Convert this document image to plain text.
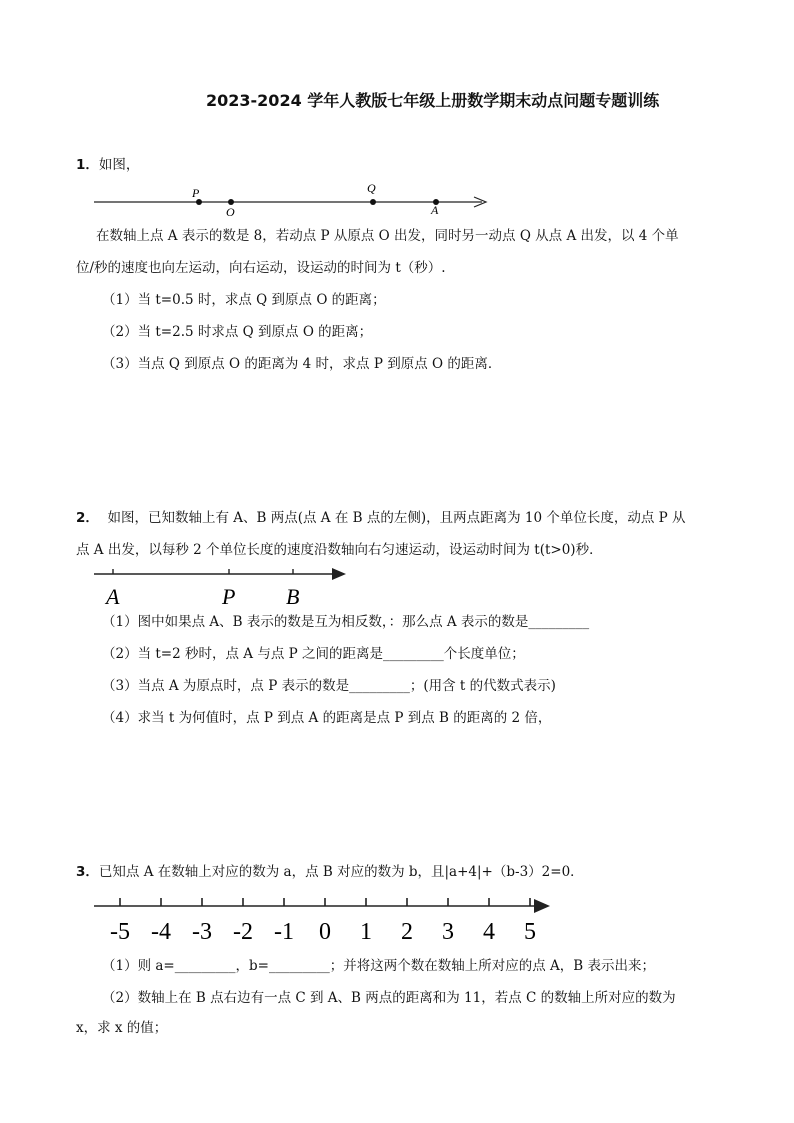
2023-2024 学年人教版七年级上册数学期末动点问题专题训练
1．如图，
P
O
Q
A
在数轴上点 A 表示的数是 8，若动点 P 从原点 O 出发，同时另一动点 Q 从点 A 出发，以 4 个单
位/秒的速度也向左运动，向右运动，设运动的时间为 t（秒）.
（1）当 t=0.5 时，求点 Q 到原点 O 的距离；
（2）当 t=2.5 时求点 Q 到原点 O 的距离；
（3）当点 Q 到原点 O 的距离为 4 时，求点 P 到原点 O 的距离．
2． 如图，已知数轴上有 A、B 两点(点 A 在 B 点的左侧)，且两点距离为 10 个单位长度，动点 P 从
点 A 出发，以每秒 2 个单位长度的速度沿数轴向右匀速运动，设运动时间为 t(t>0)秒．
A	P B
（1）图中如果点 A、B 表示的数是互为相反数，：那么点 A 表示的数是_________
（2）当 t=2 秒时，点 A 与点 P 之间的距离是_________个长度单位；
（3）当点 A 为原点时，点 P 表示的数是_________；(用含 t 的代数式表示)
（4）求当 t 为何值时，点 P 到点 A 的距离是点 P 到点 B 的距离的 2 倍，
3．已知点 A 在数轴上对应的数为 a，点 B 对应的数为 b，且|a+4|+（b-3）2=0．
-5 -4 -3 -2 -1 0 1 2 3 4 5
（1）则 a=_________，b=_________；并将这两个数在数轴上所对应的点 A，B 表示出来；
（2）数轴上在 B 点右边有一点 C 到 A、B 两点的距离和为 11，若点 C 的数轴上所对应的数为
x，求 x 的值；
